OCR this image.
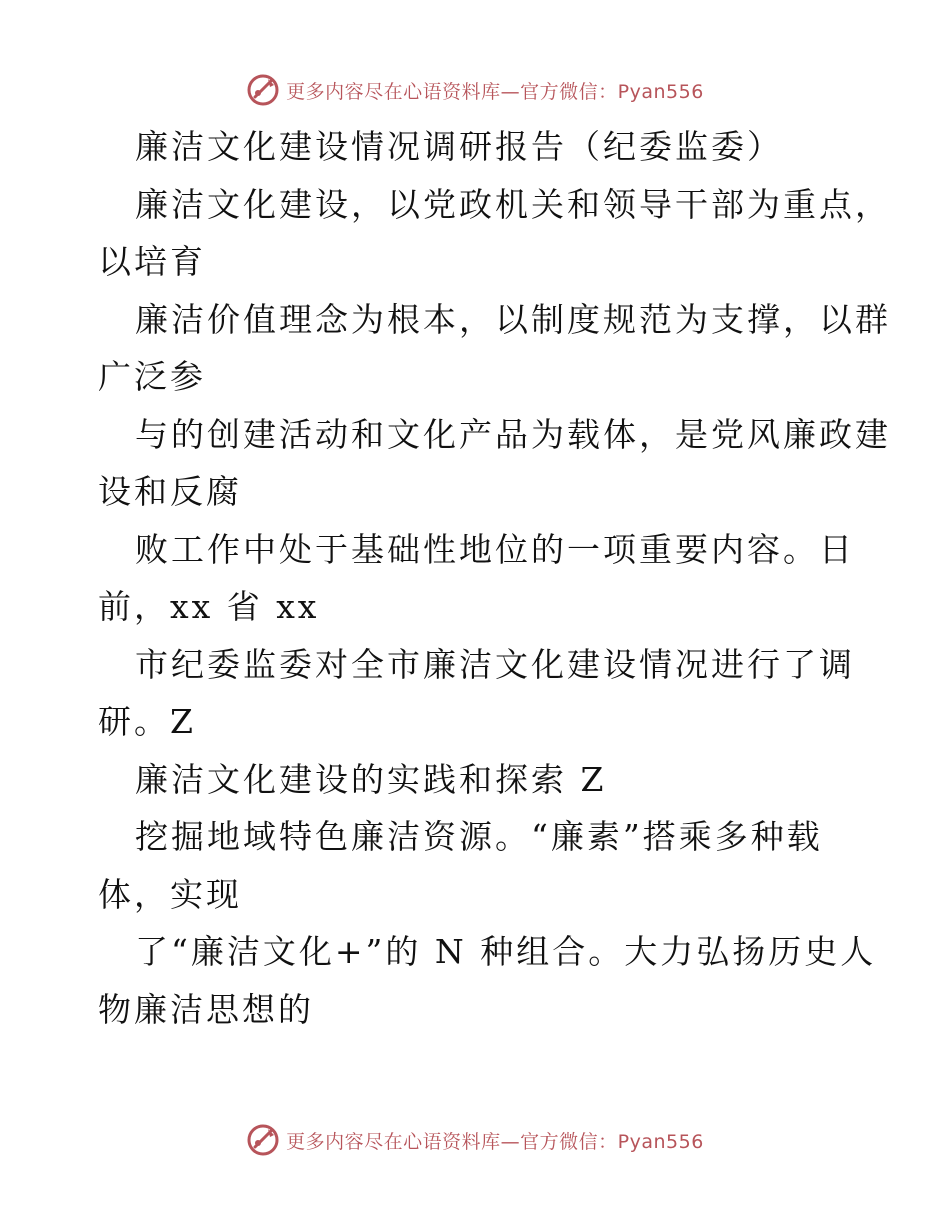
更多内容尽在心语资料库—官方微信：Pyan556
廉洁文化建设情况调研报告（纪委监委）
廉洁文化建设，以党政机关和领导干部为重点，
以培育
廉洁价值理念为根本，以制度规范为支撑，以群
广泛参
与的创建活动和文化产品为载体，是党风廉政建
设和反腐
败工作中处于基础性地位的一项重要内容。日
前，xx 省 xx
市纪委监委对全市廉洁文化建设情况进行了调
研。Z
廉洁文化建设的实践和探索 Z
挖掘地域特色廉洁资源。“廉素”搭乘多种载
体，实现
了“廉洁文化+”的 N 种组合。大力弘扬历史人
物廉洁思想的
更多内容尽在心语资料库—官方微信：Pyan556
